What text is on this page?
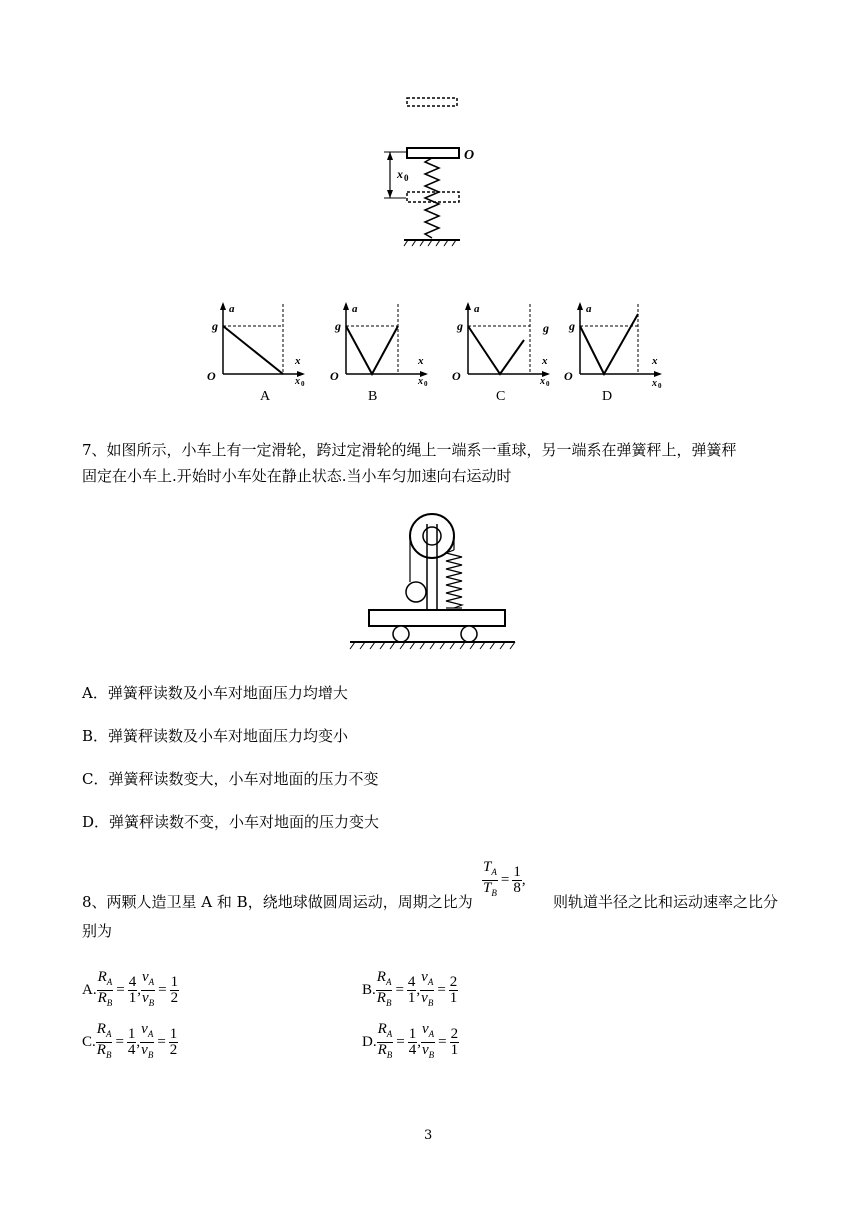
x 0
O
g
a
x
O	x 0
A
g
a
x
O	x 0
B
g
a
x
O	x 0
g
C
g
a
x
O
x 0
D
7、如图所示，小车上有一定滑轮，跨过定滑轮的绳上一端系一重球，另一端系在弹簧秤上，弹簧秤
固定在小车上.开始时小车处在静止状态.当小车匀加速向右运动时
A．弹簧秤读数及小车对地面压力均增大
B．弹簧秤读数及小车对地面压力均变小
C．弹簧秤读数变大，小车对地面的压力不变
D．弹簧秤读数不变，小车对地面的压力变大
8、两颗人造卫星 A 和 B，绕地球做圆周运动，周期之比为
$\frac{T_A}{T_B} = \frac{1}{8}$ ,
则轨道半径之比和运动速率之比分
别为
A. $\frac{R_A}{R_B} = \frac{4}{1}$ , $\frac{v_A}{v_B} = \frac{1}{2}$	B. $\frac{R_A}{R_B} = \frac{4}{1}$ , $\frac{v_A}{v_B} = \frac{2}{1}$
C. $\frac{R_A}{R_B} = \frac{1}{4}$ , $\frac{v_A}{v_B} = \frac{1}{2}$	D. $\frac{R_A}{R_B} = \frac{1}{4}$ , $\frac{v_A}{v_B} = \frac{2}{1}$
3
